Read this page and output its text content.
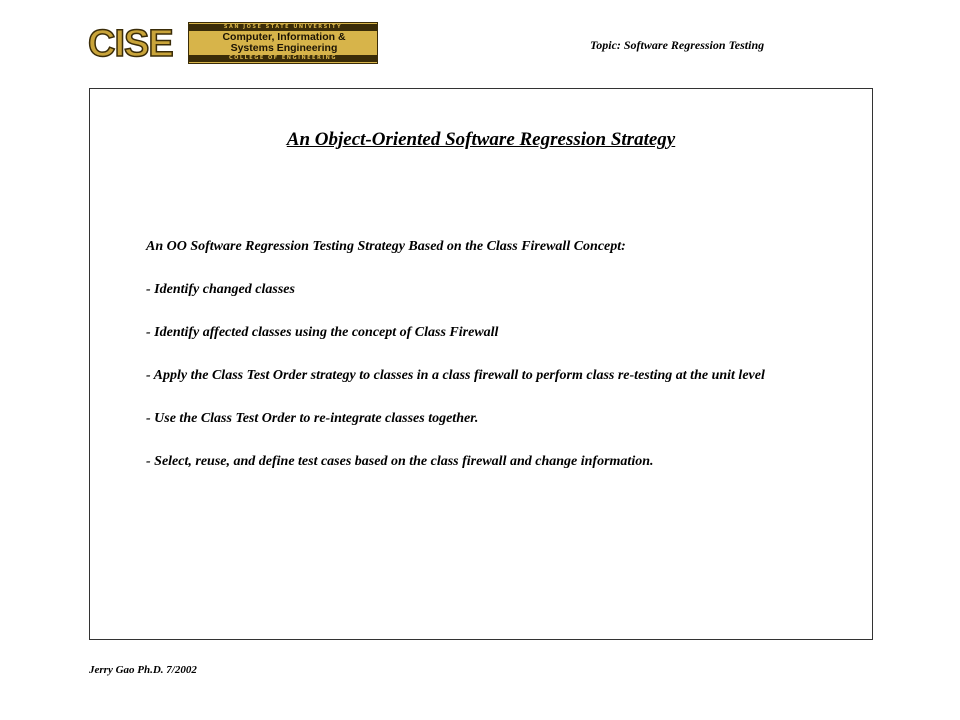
CISE	SAN JOSE STATE UNIVERSITY
Computer, Information &
Systems Engineering
COLLEGE OF ENGINEERING
Topic: Software Regression Testing
An Object-Oriented Software Regression Strategy

An OO Software Regression Testing Strategy Based on the Class Firewall Concept:

- Identify changed classes

- Identify affected classes using the concept of Class Firewall

- Apply the Class Test Order strategy to classes in a class firewall to perform class re-testing at the unit level

- Use the Class Test Order to re-integrate classes together.

- Select, reuse, and define test cases based on the class firewall and change information.

Jerry Gao Ph.D. 7/2002
